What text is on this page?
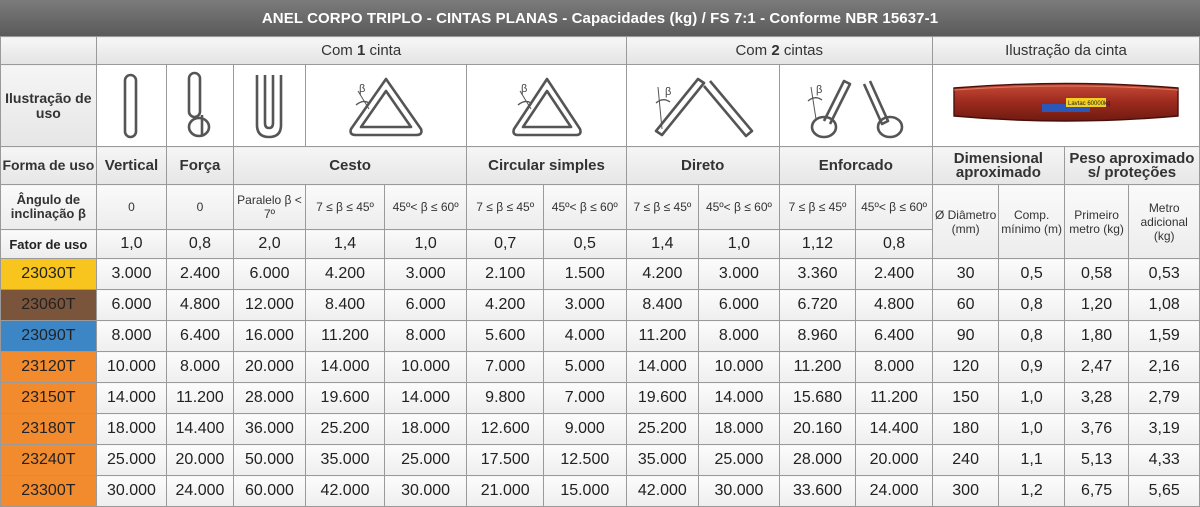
ANEL CORPO TRIPLO - CINTAS PLANAS - Capacidades (kg) / FS 7:1 - Conforme NBR 15637-1
	Com 1 cinta							Com 2 cintas				Ilustração da cinta			
Ilustração de uso				β		β		β		β		Lavtac 60000kg			

Forma de uso	Vertical	Força	Cesto			Circular simples		Direto		Enforcado		Dimensional aproximado		Peso aproximado s/ proteções	
Ângulo de inclinação β	0	0	Paralelo β < 7º	7 ≤ β ≤ 45º	45º< β ≤ 60º	7 ≤ β ≤ 45º	45º< β ≤ 60º	7 ≤ β ≤ 45º	45º< β ≤ 60º	7 ≤ β ≤ 45º	45º< β ≤ 60º	Ø Diâmetro (mm)	Comp. mínimo (m)	Primeiro metro (kg)	Metro adicional (kg)
Fator de uso	1,0	0,8	2,0	1,4	1,0	0,7	0,5	1,4	1,0	1,12	0,8				
23030T	3.000	2.400	6.000	4.200	3.000	2.100	1.500	4.200	3.000	3.360	2.400	30	0,5	0,58	0,53
23060T	6.000	4.800	12.000	8.400	6.000	4.200	3.000	8.400	6.000	6.720	4.800	60	0,8	1,20	1,08
23090T	8.000	6.400	16.000	11.200	8.000	5.600	4.000	11.200	8.000	8.960	6.400	90	0,8	1,80	1,59
23120T	10.000	8.000	20.000	14.000	10.000	7.000	5.000	14.000	10.000	11.200	8.000	120	0,9	2,47	2,16
23150T	14.000	11.200	28.000	19.600	14.000	9.800	7.000	19.600	14.000	15.680	11.200	150	1,0	3,28	2,79
23180T	18.000	14.400	36.000	25.200	18.000	12.600	9.000	25.200	18.000	20.160	14.400	180	1,0	3,76	3,19
23240T	25.000	20.000	50.000	35.000	25.000	17.500	12.500	35.000	25.000	28.000	20.000	240	1,1	5,13	4,33
23300T	30.000	24.000	60.000	42.000	30.000	21.000	15.000	42.000	30.000	33.600	24.000	300	1,2	6,75	5,65
